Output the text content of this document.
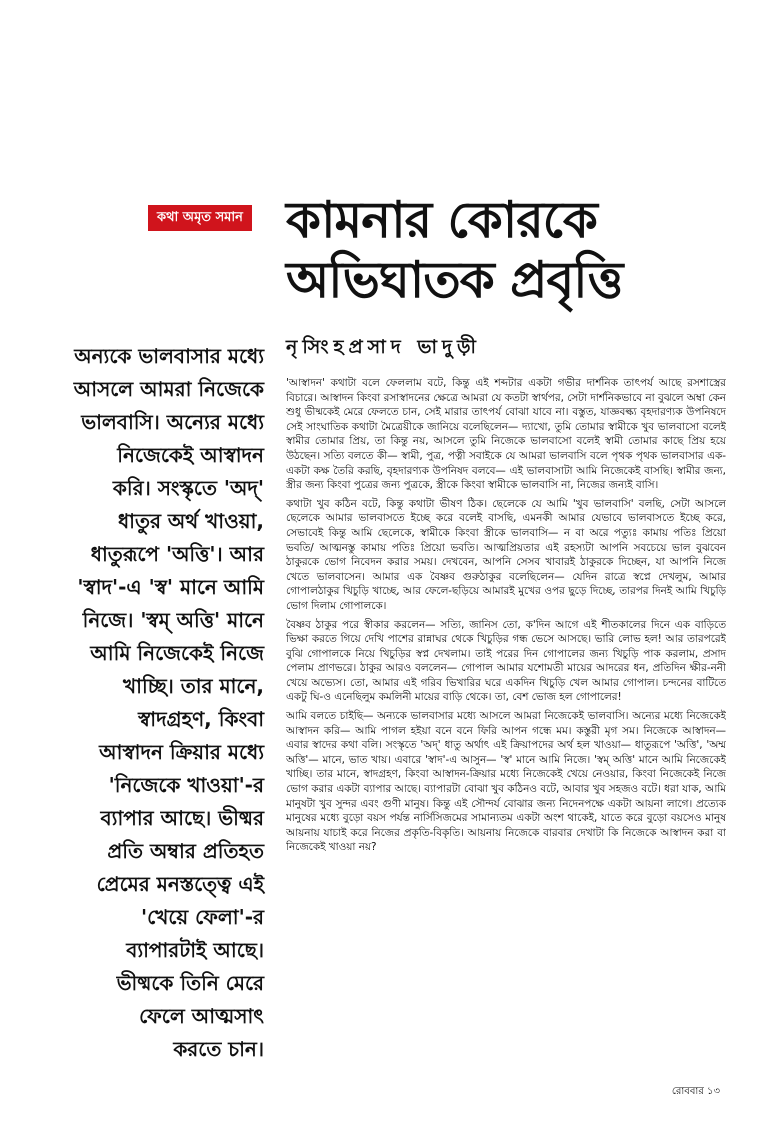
কথা অমৃত সমান কামনার কোরকে
অভিঘাতক প্রবৃত্তি
নৃসিংহপ্রসাদ ভাদুড়ী
অন্যকে ভালবাসার মধ্যে
আসলে আমরা নিজেকে
ভালবাসি। অন্যের মধ্যে
নিজেকেই আস্বাদন
করি। সংস্কৃতে 'অদ্'
ধাতুর অর্থ খাওয়া,
ধাতুরূপে 'অত্তি'। আর
'স্বাদ'-এ 'স্ব' মানে আমি
নিজে। 'স্বম্ অত্তি' মানে
আমি নিজেকেই নিজে
খাচ্ছি। তার মানে,
স্বাদগ্রহণ, কিংবা
আস্বাদন ক্রিয়ার মধ্যে
'নিজেকে খাওয়া'-র
ব্যাপার আছে। ভীষ্মর
প্রতি অম্বার প্রতিহত
প্রেমের মনস্তত্ত্বে এই
'খেয়ে ফেলা'-র
ব্যাপারটাই আছে।
ভীষ্মকে তিনি মেরে
ফেলে আত্মসাৎ
করতে চান।

'আস্বাদন' কথাটা বলে ফেললাম বটে, কিন্তু এই শব্দটার একটা গভীর দার্শনিক তাৎপর্য আছে রসশাস্ত্রের বিচারে। আস্বাদন কিংবা রসাস্বাদনের ক্ষেত্রে আমরা যে কতটা স্বার্থপর, সেটা দার্শনিকভাবে না বুঝলে অম্বা কেন শুধু ভীষ্মকেই মেরে ফেলতে চান, সেই মারার তাৎপর্য বোঝা যাবে না। বস্তুত, যাজ্ঞবল্ক্য বৃহদারণ্যক উপনিষদে সেই সাংঘাতিক কথাটা মৈত্রেয়ীকে জানিয়ে বলেছিলেন— দ্যাখো, তুমি তোমার স্বামীকে খুব ভালবাসো বলেই স্বামীর তোমার প্রিয়, তা কিন্তু নয়, আসলে তুমি নিজেকে ভালবাসো বলেই স্বামী তোমার কাছে প্রিয় হয়ে উঠছেন। সত্যি বলতে কী— স্বামী, পুত্র, পত্নী সবাইকে যে আমরা ভালবাসি বলে পৃথক পৃথক ভালবাসার এক-একটা কক্ষ তৈরি করছি, বৃহদারণ্যক উপনিষদ বলবে— এই ভালবাসাটা আমি নিজেকেই বাসছি। স্বামীর জন্য, স্ত্রীর জন্য কিংবা পুত্রের জন্য পুত্রকে, স্ত্রীকে কিংবা স্বামীকে ভালবাসি না, নিজের জন্যই বাসি।

কথাটা খুব কঠিন বটে, কিন্তু কথাটা ভীষণ ঠিক। ছেলেকে যে আমি 'খুব ভালবাসি' বলছি, সেটা আসলে ছেলেকে আমার ভালবাসতে ইচ্ছে করে বলেই বাসছি, এমনকী আমার যেভাবে ভালবাসতে ইচ্ছে করে, সেভাবেই কিন্তু আমি ছেলেকে, স্বামীকে কিংবা স্ত্রীকে ভালবাসি— ন বা অরে পত্যুঃ কামায় পতিঃ প্রিয়ো ভবতি/ আত্মনস্তু কামায় পতিঃ প্রিয়ো ভবতি। আত্মপ্রিয়তার এই রহস্যটা আপনি সবচেয়ে ভাল বুঝবেন ঠাকুরকে ভোগ নিবেদন করার সময়। দেখবেন, আপনি সেসব খাবারই ঠাকুরকে দিচ্ছেন, যা আপনি নিজে খেতে ভালবাসেন। আমার এক বৈষ্ণব গুরুঠাকুর বলেছিলেন— যেদিন রাত্রে স্বপ্নে দেখলুম, আমার গোপালঠাকুর খিচুড়ি খাচ্ছে, আর ফেলে-ছড়িয়ে আমারই মুখের ওপর ছুড়ে দিচ্ছে, তারপর দিনই আমি খিচুড়ি ভোগ দিলাম গোপালকে।

বৈষ্ণব ঠাকুর পরে স্বীকার করলেন— সত্যি, জানিস তো, ক'দিন আগে এই শীতকালের দিনে এক বাড়িতে ভিক্ষা করতে গিয়ে দেখি পাশের রান্নাঘর থেকে খিচুড়ির গন্ধ ভেসে আসছে। ভারি লোভ হল! আর তারপরেই বুঝি গোপালকে নিয়ে খিচুড়ির স্বপ্ন দেখলাম। তাই পরের দিন গোপালের জন্য খিচুড়ি পাক করলাম, প্রসাদ পেলাম প্রাণভরে। ঠাকুর আরও বললেন— গোপাল আমার যশোমতী মায়ের আদরের ধন, প্রতিদিন ক্ষীর-ননী খেয়ে অভ্যেস। তো, আমার এই গরিব ভিখারির ঘরে একদিন খিচুড়ি খেল আমার গোপাল। চন্দনের বাটিতে একটু ঘি-ও এনেছিলুম কমলিনী মায়ের বাড়ি থেকে। তা, বেশ ভোজ হল গোপালের!

আমি বলতে চাইছি— অন্যকে ভালবাসার মধ্যে আসলে আমরা নিজেকেই ভালবাসি। অন্যের মধ্যে নিজেকেই আস্বাদন করি— আমি পাগল হইয়া বনে বনে ফিরি আপন গন্ধে মম। কস্তুরী মৃগ সম। নিজেকে আস্বাদন— এবার স্বাদের কথা বলি। সংস্কৃতে 'অদ্' ধাতু অর্থাৎ এই ক্রিয়াপদের অর্থ হল খাওয়া— ধাতুরূপে 'অত্তি', 'অম্ম অত্তি'— মানে, ভাত খায়। এবারে 'স্বাদ'-এ আসুন— 'স্ব' মানে আমি নিজে। 'স্বম্ অত্তি' মানে আমি নিজেকেই খাচ্ছি। তার মানে, স্বাদগ্রহণ, কিংবা আস্বাদন-ক্রিয়ার মধ্যে নিজেকেই খেয়ে নেওয়ার, কিংবা নিজেকেই নিজে ভোগ করার একটা ব্যাপার আছে। ব্যাপারটা বোঝা খুব কঠিনও বটে, আবার খুব সহজও বটে। ধরা যাক, আমি মানুষটা খুব সুন্দর এবং গুণী মানুষ। কিন্তু এই সৌন্দর্য বোঝার জন্য নিদেনপক্ষে একটা আয়না লাগে। প্রত্যেক মানুষের মধ্যে বুড়ো বয়স পর্যন্ত নার্সিসিজমের সামান্যতম একটা অংশ থাকেই, যাতে করে বুড়ো বয়সেও মানুষ আয়নায় যাচাই করে নিজের প্রকৃতি-বিকৃতি। আয়নায় নিজেকে বারবার দেখাটা কি নিজেকে আস্বাদন করা বা নিজেকেই খাওয়া নয়?

রোববার ১৩
